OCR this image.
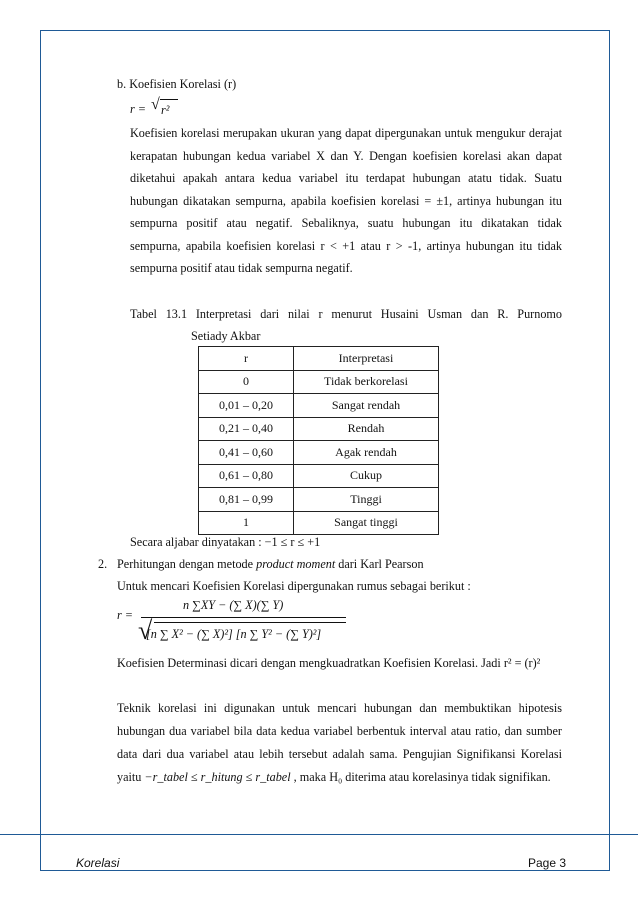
b. Koefisien Korelasi (r)
r = √ r²
Koefisien korelasi merupakan ukuran yang dapat dipergunakan untuk mengukur derajat kerapatan hubungan kedua variabel X dan Y. Dengan koefisien korelasi akan dapat diketahui apakah antara kedua variabel itu terdapat hubungan atatu tidak. Suatu hubungan dikatakan sempurna, apabila koefisien korelasi = ±1, artinya hubungan itu sempurna positif atau negatif. Sebaliknya, suatu hubungan itu dikatakan tidak sempurna, apabila koefisien korelasi r < +1 atau r > -1, artinya hubungan itu tidak sempurna positif atau tidak sempurna negatif.
Tabel 13.1 Interpretasi dari nilai r menurut Husaini Usman dan R. Purnomo
Setiady Akbar
r	Interpretasi
0	Tidak berkorelasi
0,01 – 0,20	Sangat rendah
0,21 – 0,40	Rendah
0,41 – 0,60	Agak rendah
0,61 – 0,80	Cukup
0,81 – 0,99	Tinggi
1	Sangat tinggi
Secara aljabar dinyatakan : −1 ≤ r ≤ +1
2. Perhitungan dengan metode product moment dari Karl Pearson
Untuk mencari Koefisien Korelasi dipergunakan rumus sebagai berikut :
r =
n ∑XY − (∑ X)(∑ Y)
√
[n ∑ X² − (∑ X)²] [n ∑ Y² − (∑ Y)²]
Koefisien Determinasi dicari dengan mengkuadratkan Koefisien Korelasi. Jadi r² = (r)²
Teknik korelasi ini digunakan untuk mencari hubungan dan membuktikan hipotesis hubungan dua variabel bila data kedua variabel berbentuk interval atau ratio, dan sumber data dari dua variabel atau lebih tersebut adalah sama. Pengujian Signifikansi Korelasi yaitu −r_tabel ≤ r_hitung ≤ r_tabel , maka H₀ diterima atau korelasinya tidak signifikan.
Korelasi	Page 3
